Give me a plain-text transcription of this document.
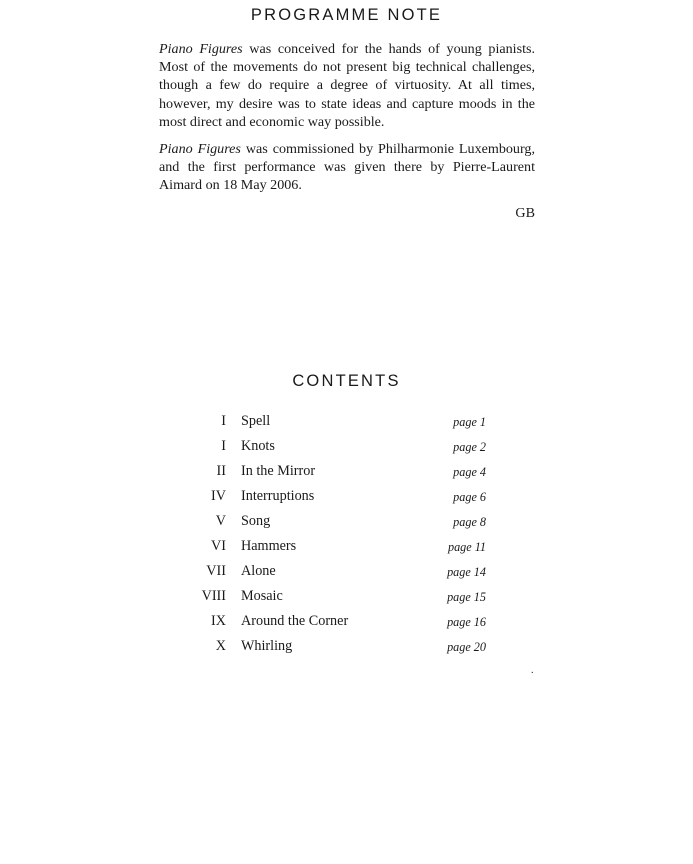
PROGRAMME NOTE

Piano Figures was conceived for the hands of young pianists. Most of the movements do not present big technical challenges, though a few do require a degree of virtuosity. At all times, however, my desire was to state ideas and capture moods in the most direct and economic way possible.

Piano Figures was commissioned by Philharmonie Luxembourg, and the first performance was given there by Pierre-Laurent Aimard on 18 May 2006.

GB
CONTENTS
I Spell	page 1
I Knots	page 2
II In the Mirror	page 4
IV Interruptions	page 6
V Song	page 8
VI Hammers	page 11
VII Alone	page 14
VIII Mosaic	page 15
IX Around the Corner	page 16
X Whirling	page 20
.
